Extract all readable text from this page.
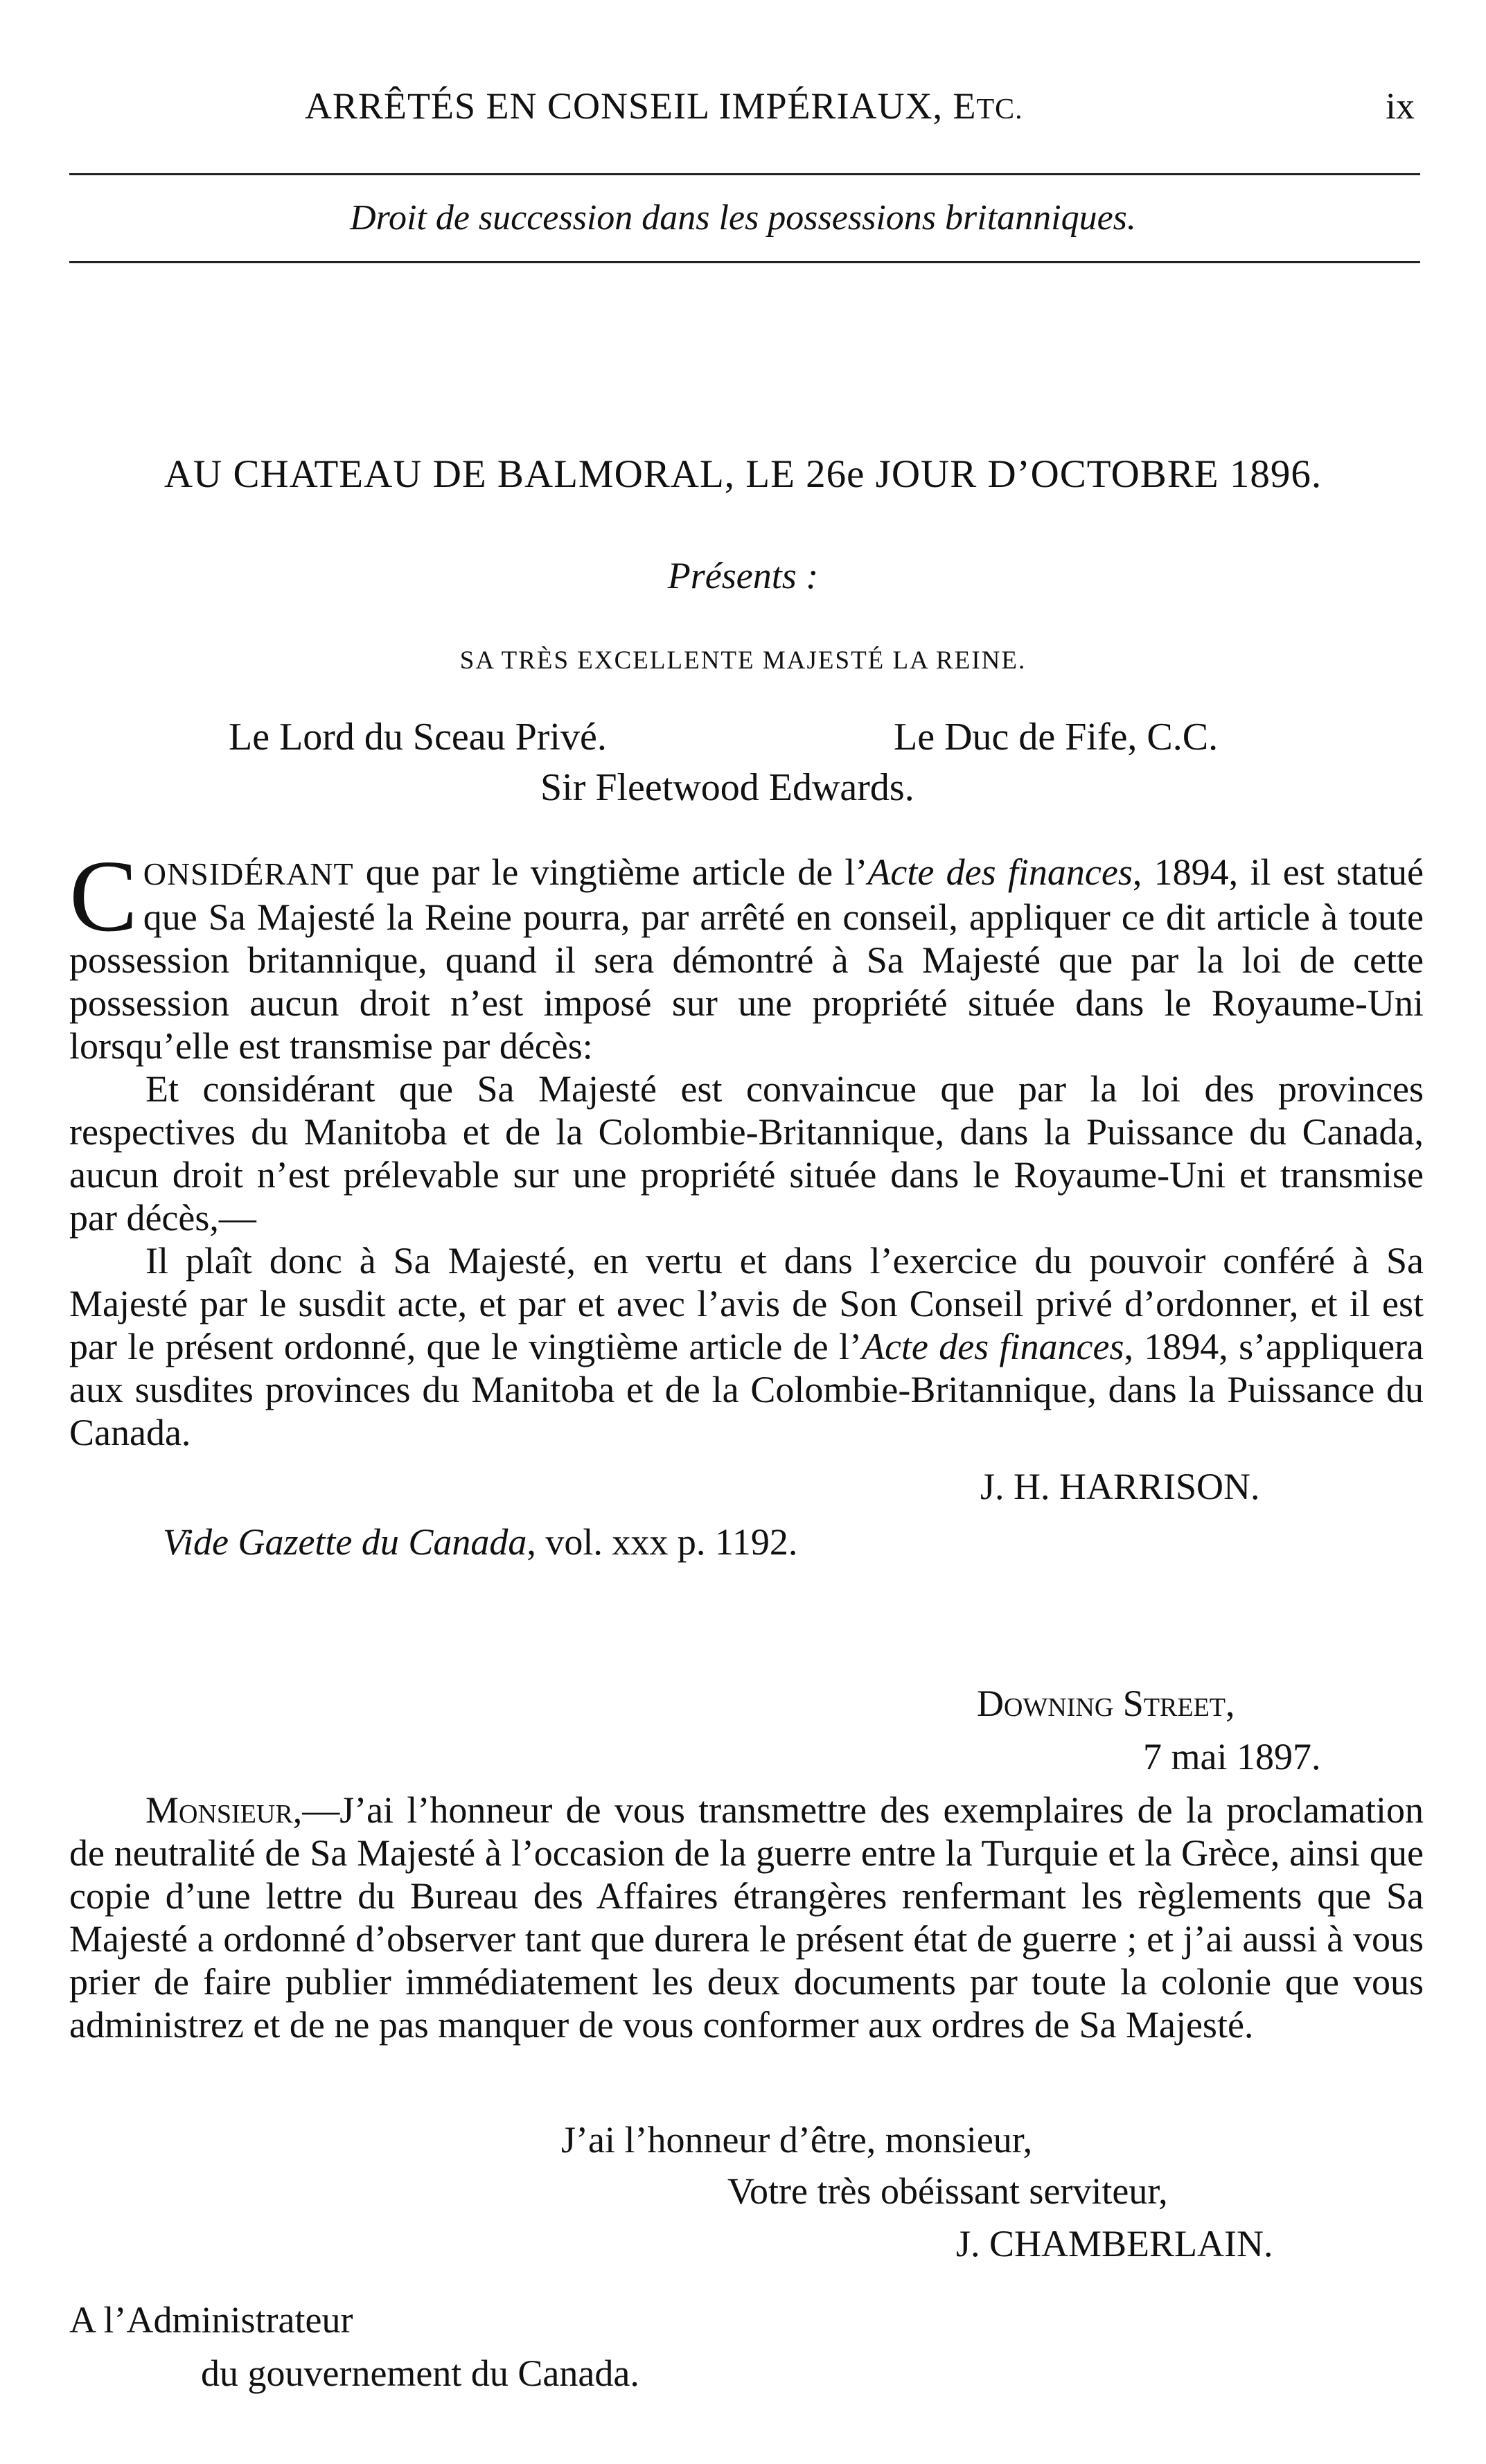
ARRÊTÉS EN CONSEIL IMPÉRIAUX, ETC.	ix
Droit de succession dans les possessions britanniques.
AU CHATEAU DE BALMORAL, LE 26e JOUR D’OCTOBRE 1896.
Présents :
SA TRÈS EXCELLENTE MAJESTÉ LA REINE.
Le Lord du Sceau Privé.	Le Duc de Fife, C.C.
Sir Fleetwood Edwards.

CONSIDÉRANT que par le vingtième article de l’Acte des finances, 1894, il est statué que Sa Majesté la Reine pourra, par arrêté en conseil, appliquer ce dit article à toute possession britannique, quand il sera démontré à Sa Majesté que par la loi de cette possession aucun droit n’est imposé sur une propriété située dans le Royaume-Uni lorsqu’elle est transmise par décès:

Et considérant que Sa Majesté est convaincue que par la loi des provinces respectives du Manitoba et de la Colombie-Britannique, dans la Puissance du Canada, aucun droit n’est prélevable sur une propriété située dans le Royaume-Uni et transmise par décès,—

Il plaît donc à Sa Majesté, en vertu et dans l’exercice du pouvoir conféré à Sa Majesté par le susdit acte, et par et avec l’avis de Son Conseil privé d’ordonner, et il est par le présent ordonné, que le vingtième article de l’Acte des finances, 1894, s’appliquera aux susdites provinces du Manitoba et de la Colombie-Britannique, dans la Puissance du Canada.

J. H. HARRISON.
Vide Gazette du Canada, vol. xxx p. 1192.
Downing Street,
7 mai 1897.

Monsieur,—J’ai l’honneur de vous transmettre des exemplaires de la proclamation de neutralité de Sa Majesté à l’occasion de la guerre entre la Turquie et la Grèce, ainsi que copie d’une lettre du Bureau des Affaires étrangères renfermant les règlements que Sa Majesté a ordonné d’observer tant que durera le présent état de guerre ; et j’ai aussi à vous prier de faire publier immédiatement les deux documents par toute la colonie que vous administrez et de ne pas manquer de vous conformer aux ordres de Sa Majesté.

J’ai l’honneur d’être, monsieur,
Votre très obéissant serviteur,
J. CHAMBERLAIN.
A l’Administrateur
du gouvernement du Canada.
